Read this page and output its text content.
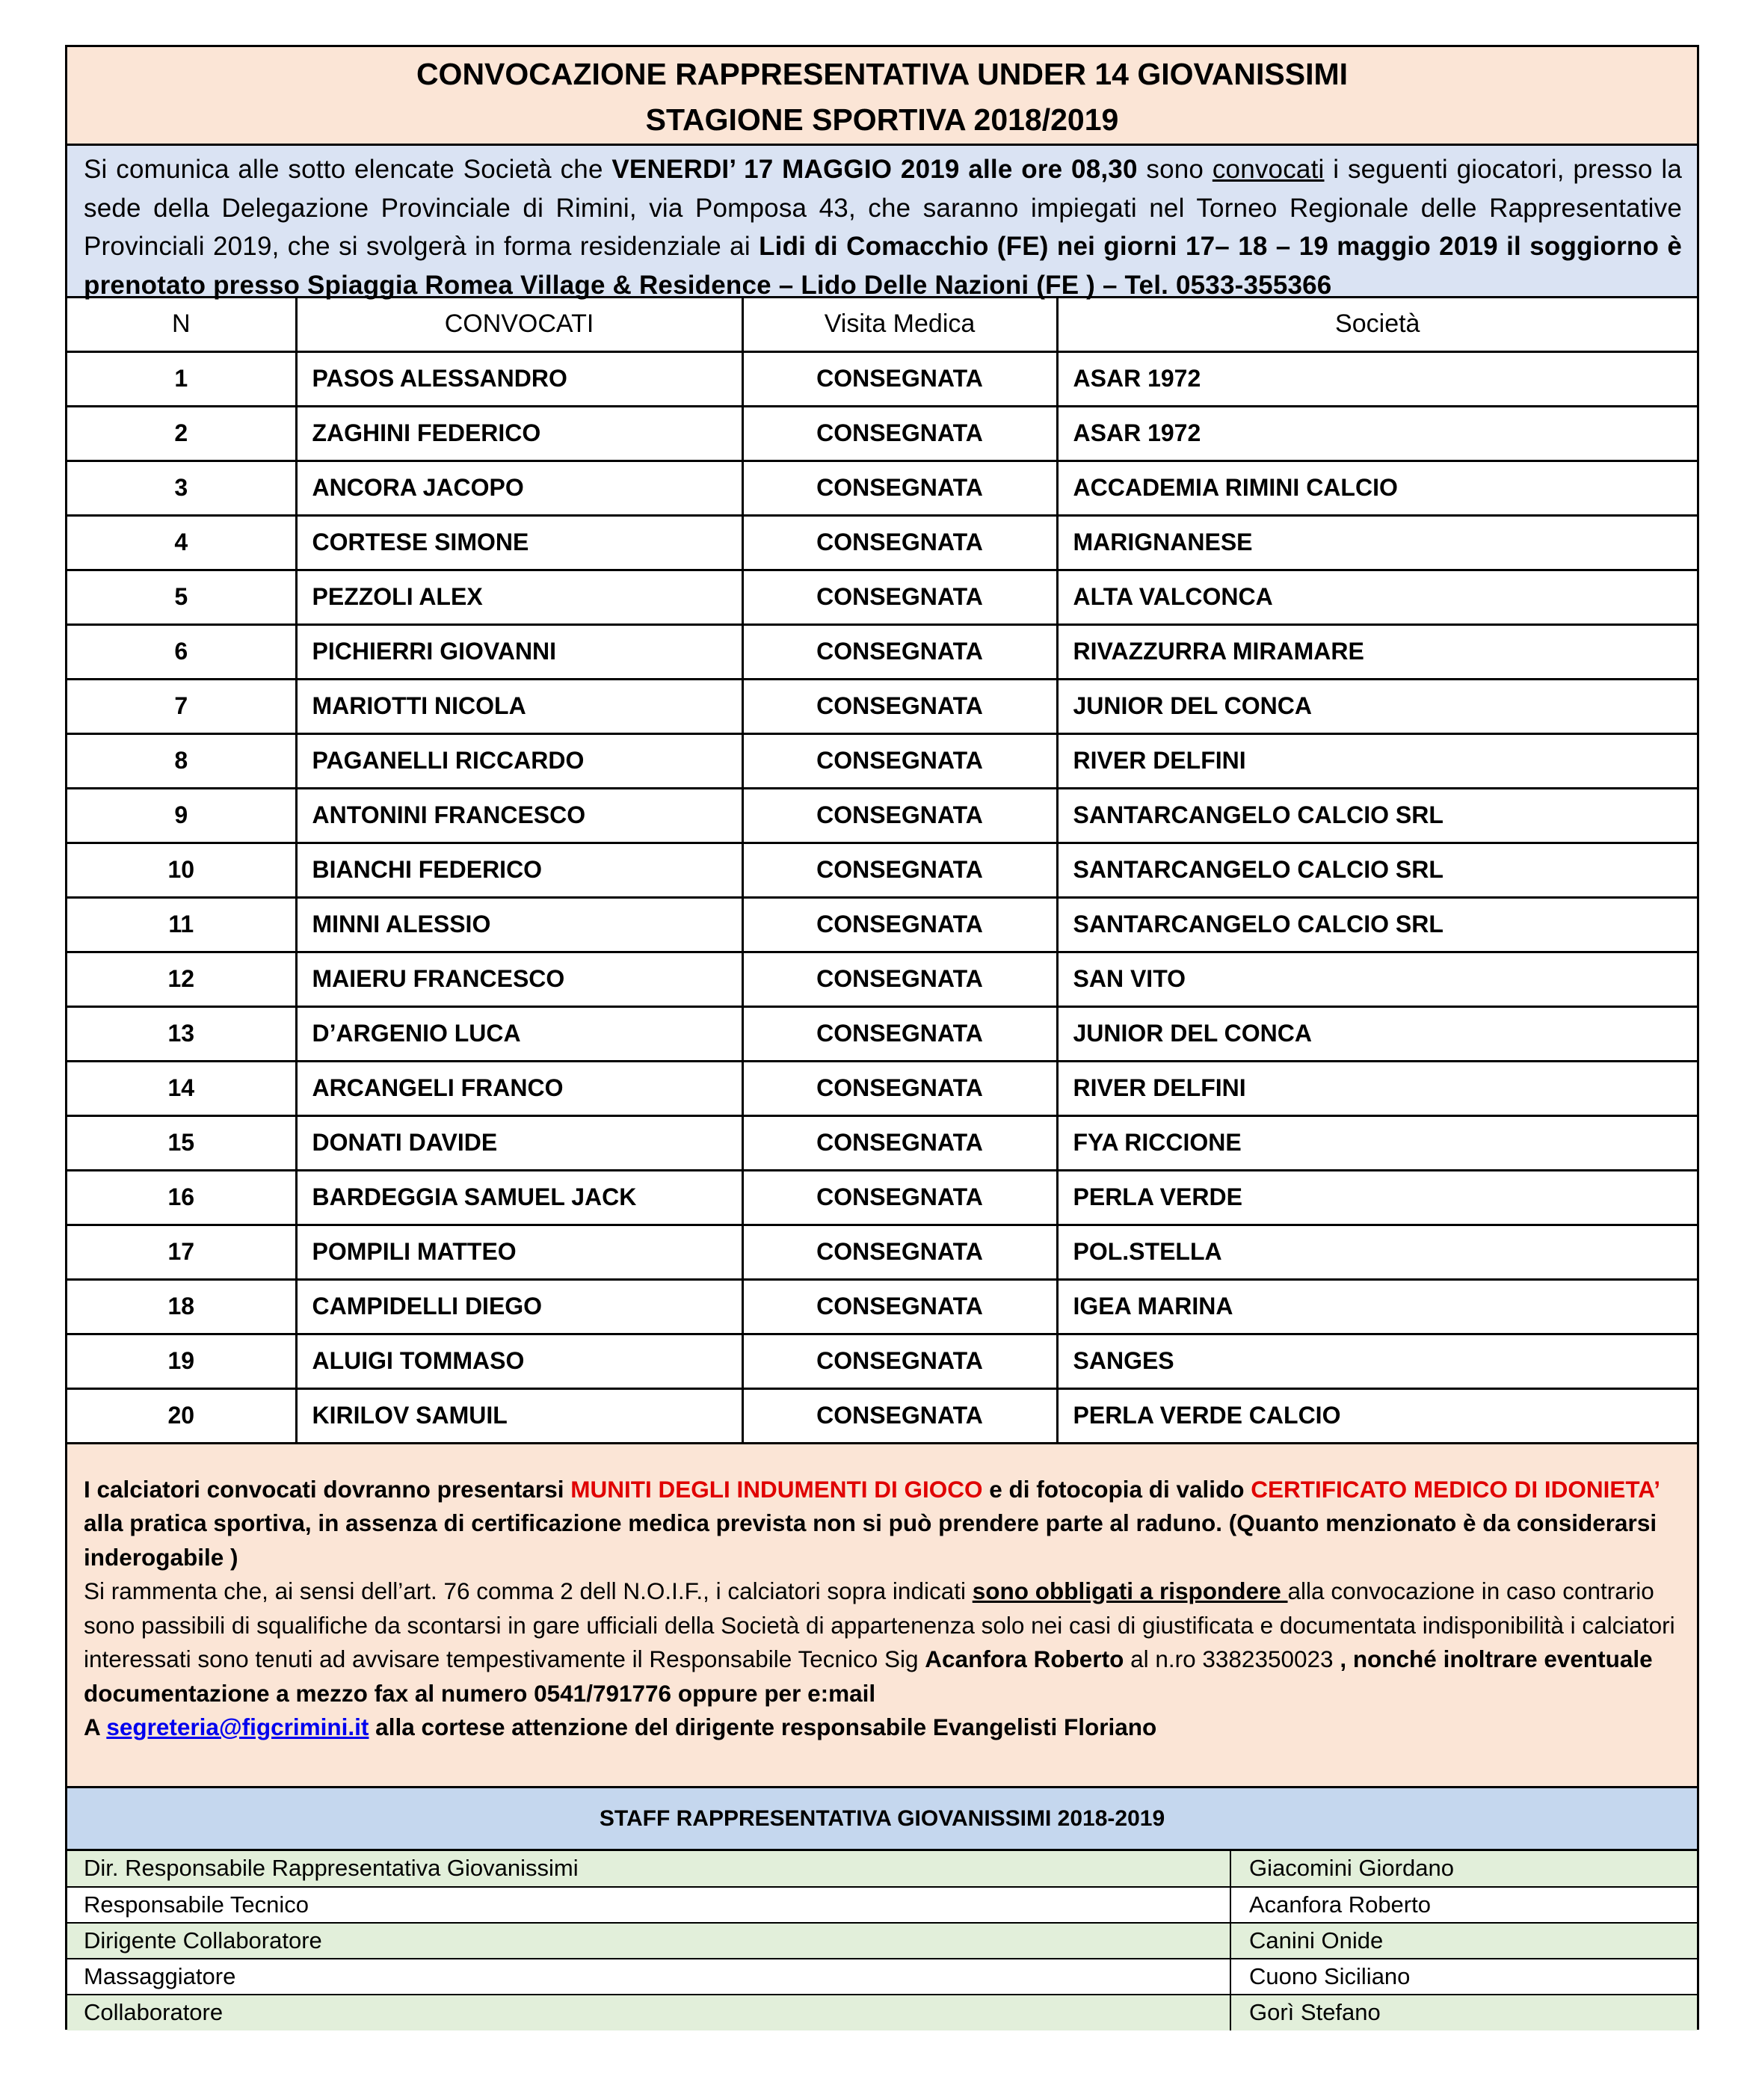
CONVOCAZIONE RAPPRESENTATIVA UNDER 14 GIOVANISSIMI
STAGIONE SPORTIVA 2018/2019
Si comunica alle sotto elencate Società che VENERDI’ 17 MAGGIO 2019 alle ore 08,30 sono convocati i seguenti giocatori, presso la sede della Delegazione Provinciale di Rimini, via Pomposa 43, che saranno impiegati nel Torneo Regionale delle Rappresentative Provinciali 2019, che si svolgerà in forma residenziale ai Lidi di Comacchio (FE) nei giorni 17– 18 – 19 maggio 2019 il soggiorno è prenotato presso Spiaggia Romea Village & Residence – Lido Delle Nazioni (FE ) – Tel. 0533-355366
N	CONVOCATI	Visita Medica	Società
1	PASOS ALESSANDRO	CONSEGNATA	ASAR 1972
2	ZAGHINI FEDERICO	CONSEGNATA	ASAR 1972
3	ANCORA JACOPO	CONSEGNATA	ACCADEMIA RIMINI CALCIO
4	CORTESE SIMONE	CONSEGNATA	MARIGNANESE
5	PEZZOLI ALEX	CONSEGNATA	ALTA VALCONCA
6	PICHIERRI GIOVANNI	CONSEGNATA	RIVAZZURRA MIRAMARE
7	MARIOTTI NICOLA	CONSEGNATA	JUNIOR DEL CONCA
8	PAGANELLI RICCARDO	CONSEGNATA	RIVER DELFINI
9	ANTONINI FRANCESCO	CONSEGNATA	SANTARCANGELO CALCIO SRL
10	BIANCHI FEDERICO	CONSEGNATA	SANTARCANGELO CALCIO SRL
11	MINNI ALESSIO	CONSEGNATA	SANTARCANGELO CALCIO SRL
12	MAIERU FRANCESCO	CONSEGNATA	SAN VITO
13	D’ARGENIO LUCA	CONSEGNATA	JUNIOR DEL CONCA
14	ARCANGELI FRANCO	CONSEGNATA	RIVER DELFINI
15	DONATI DAVIDE	CONSEGNATA	FYA RICCIONE
16	BARDEGGIA SAMUEL JACK	CONSEGNATA	PERLA VERDE
17	POMPILI MATTEO	CONSEGNATA	POL.STELLA
18	CAMPIDELLI DIEGO	CONSEGNATA	IGEA MARINA
19	ALUIGI TOMMASO	CONSEGNATA	SANGES
20	KIRILOV SAMUIL	CONSEGNATA	PERLA VERDE CALCIO
I calciatori convocati dovranno presentarsi MUNITI DEGLI INDUMENTI DI GIOCO e di fotocopia di valido CERTIFICATO MEDICO DI IDONIETA’ alla pratica sportiva, in assenza di certificazione medica prevista non si può prendere parte al raduno. (Quanto menzionato è da considerarsi inderogabile )
Si rammenta che, ai sensi dell’art. 76 comma 2 dell N.O.I.F., i calciatori sopra indicati sono obbligati a rispondere alla convocazione in caso contrario sono passibili di squalifiche da scontarsi in gare ufficiali della Società di appartenenza solo nei casi di giustificata e documentata indisponibilità i calciatori interessati sono tenuti ad avvisare tempestivamente il Responsabile Tecnico Sig Acanfora Roberto al n.ro 3382350023 , nonché inoltrare eventuale documentazione a mezzo fax al numero 0541/791776 oppure per e:mail
A segreteria@figcrimini.it alla cortese attenzione del dirigente responsabile Evangelisti Floriano
STAFF RAPPRESENTATIVA GIOVANISSIMI 2018-2019
Dir. Responsabile Rappresentativa Giovanissimi	Giacomini Giordano
Responsabile Tecnico	Acanfora Roberto
Dirigente Collaboratore	Canini Onide
Massaggiatore	Cuono Siciliano
Collaboratore	Gorì Stefano
